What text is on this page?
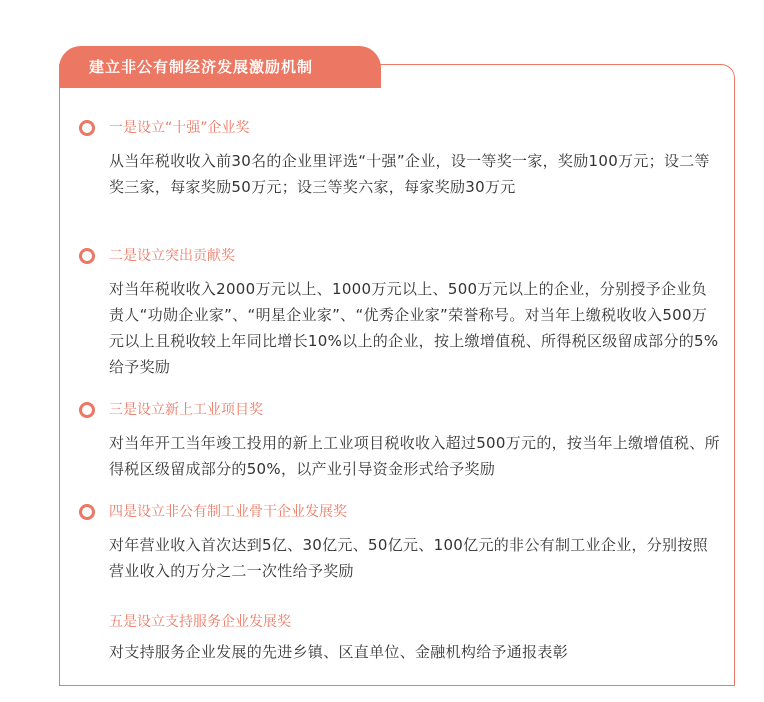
建立非公有制经济发展激励机制
一是设立“十强”企业奖
从当年税收收入前30名的企业里评选“十强”企业，设一等奖一家，奖励100万元；设二等奖三家，每家奖励50万元；设三等奖六家，每家奖励30万元
二是设立突出贡献奖
对当年税收收入2000万元以上、1000万元以上、500万元以上的企业，分别授予企业负责人“功勋企业家”、“明星企业家”、“优秀企业家”荣誉称号。对当年上缴税收收入500万元以上且税收较上年同比增长10%以上的企业，按上缴增值税、所得税区级留成部分的5%给予奖励
三是设立新上工业项目奖
对当年开工当年竣工投用的新上工业项目税收收入超过500万元的，按当年上缴增值税、所得税区级留成部分的50%，以产业引导资金形式给予奖励
四是设立非公有制工业骨干企业发展奖
对年营业收入首次达到5亿、30亿元、50亿元、100亿元的非公有制工业企业，分别按照营业收入的万分之二一次性给予奖励
五是设立支持服务企业发展奖
对支持服务企业发展的先进乡镇、区直单位、金融机构给予通报表彰
